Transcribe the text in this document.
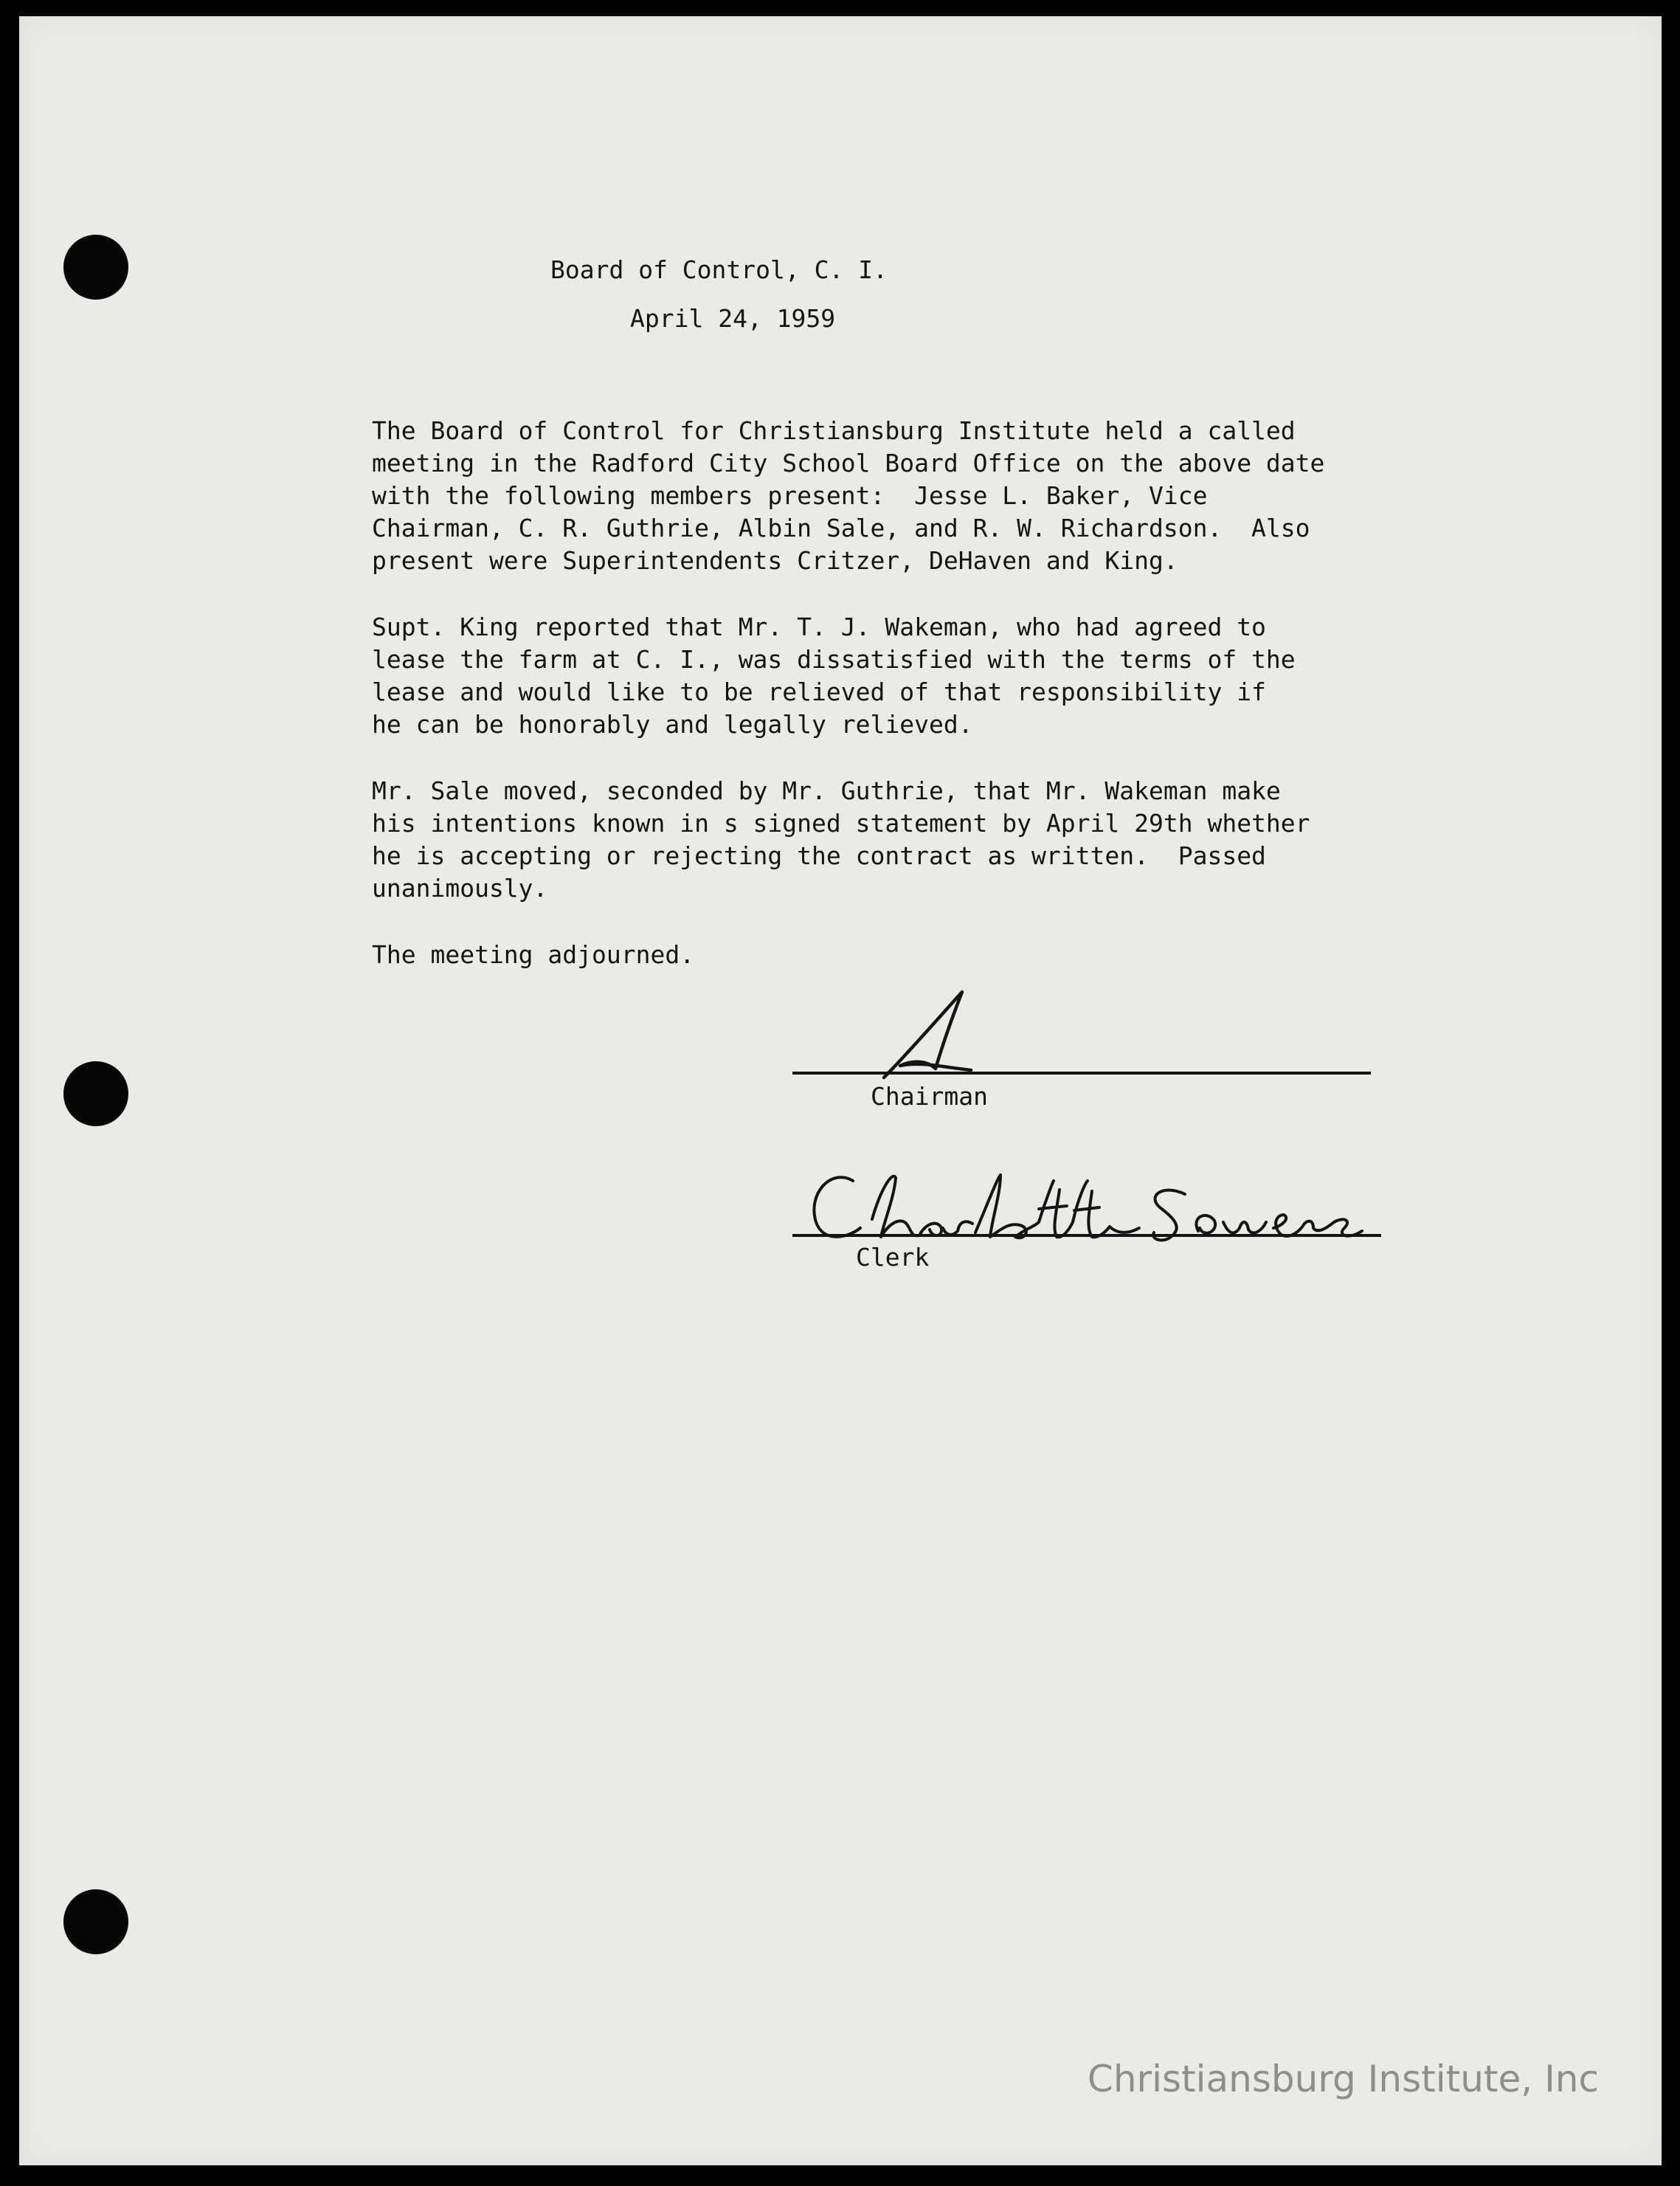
Board of Control, C. I.
April 24, 1959
The Board of Control for Christiansburg Institute held a called
meeting in the Radford City School Board Office on the above date
with the following members present:  Jesse L. Baker, Vice
Chairman, C. R. Guthrie, Albin Sale, and R. W. Richardson.  Also
present were Superintendents Critzer, DeHaven and King.
Supt. King reported that Mr. T. J. Wakeman, who had agreed to
lease the farm at C. I., was dissatisfied with the terms of the
lease and would like to be relieved of that responsibility if
he can be honorably and legally relieved.
Mr. Sale moved, seconded by Mr. Guthrie, that Mr. Wakeman make
his intentions known in s signed statement by April 29th whether
he is accepting or rejecting the contract as written.  Passed
unanimously.
The meeting adjourned.
Chairman
Clerk
Christiansburg Institute, Inc
